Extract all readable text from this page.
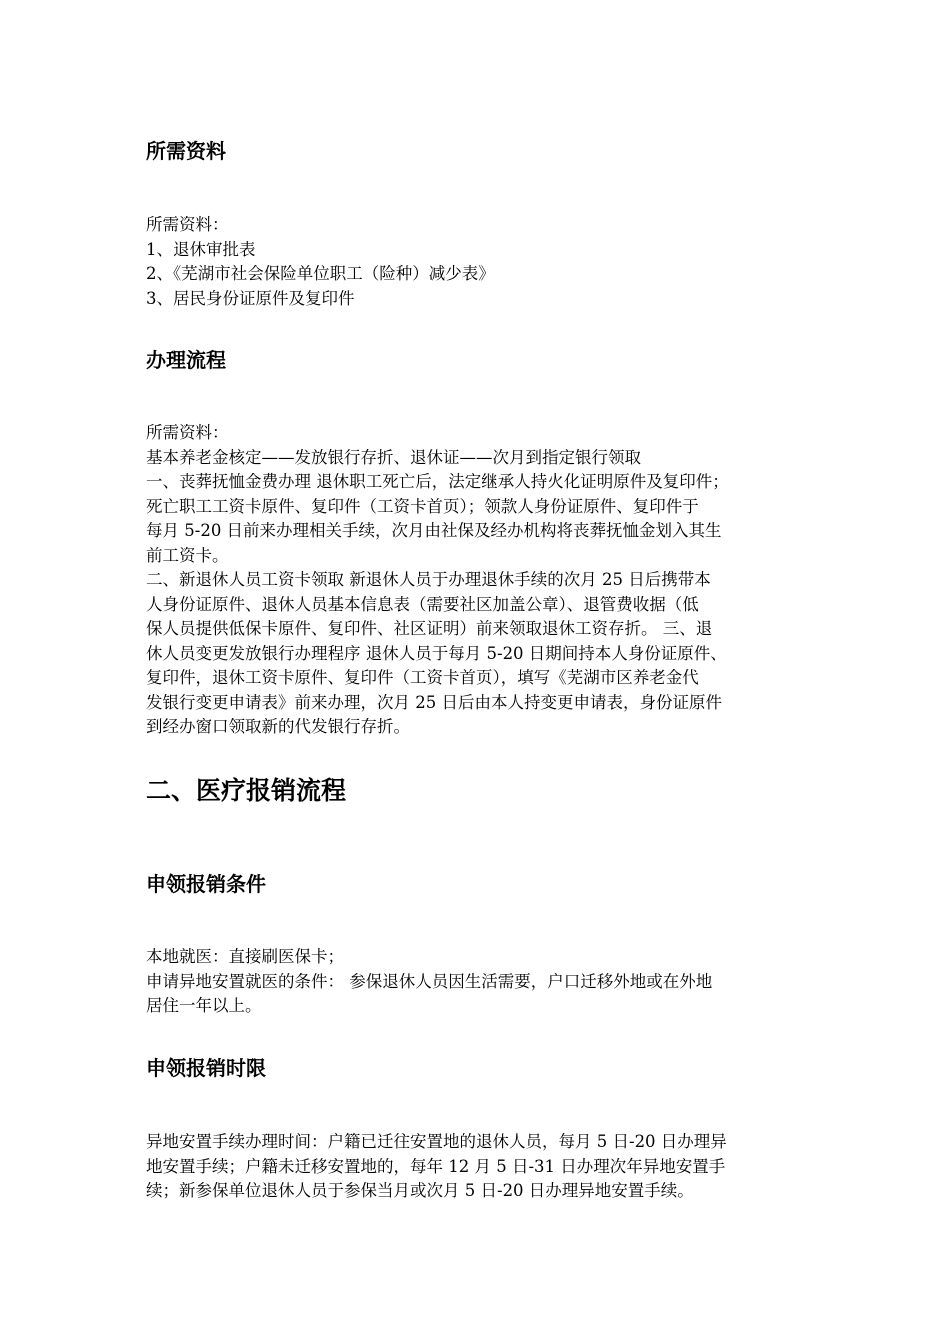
所需资料
所需资料：
1、退休审批表
2、《芜湖市社会保险单位职工（险种）减少表》
3、居民身份证原件及复印件
办理流程
所需资料：
基本养老金核定——发放银行存折、退休证——次月到指定银行领取
一、丧葬抚恤金费办理 退休职工死亡后，法定继承人持火化证明原件及复印件；
死亡职工工资卡原件、复印件（工资卡首页）；领款人身份证原件、复印件于
每月 5-20 日前来办理相关手续，次月由社保及经办机构将丧葬抚恤金划入其生
前工资卡。
二、新退休人员工资卡领取 新退休人员于办理退休手续的次月 25 日后携带本
人身份证原件、退休人员基本信息表（需要社区加盖公章）、退管费收据（低
保人员提供低保卡原件、复印件、社区证明）前来领取退休工资存折。 三、退
休人员变更发放银行办理程序 退休人员于每月 5-20 日期间持本人身份证原件、
复印件，退休工资卡原件、复印件（工资卡首页），填写《芜湖市区养老金代
发银行变更申请表》前来办理，次月 25 日后由本人持变更申请表，身份证原件
到经办窗口领取新的代发银行存折。
二、医疗报销流程
申领报销条件
本地就医：直接刷医保卡；
申请异地安置就医的条件： 参保退休人员因生活需要，户口迁移外地或在外地
居住一年以上。
申领报销时限
异地安置手续办理时间：户籍已迁往安置地的退休人员，每月 5 日-20 日办理异
地安置手续；户籍未迁移安置地的，每年 12 月 5 日-31 日办理次年异地安置手
续；新参保单位退休人员于参保当月或次月 5 日-20 日办理异地安置手续。
